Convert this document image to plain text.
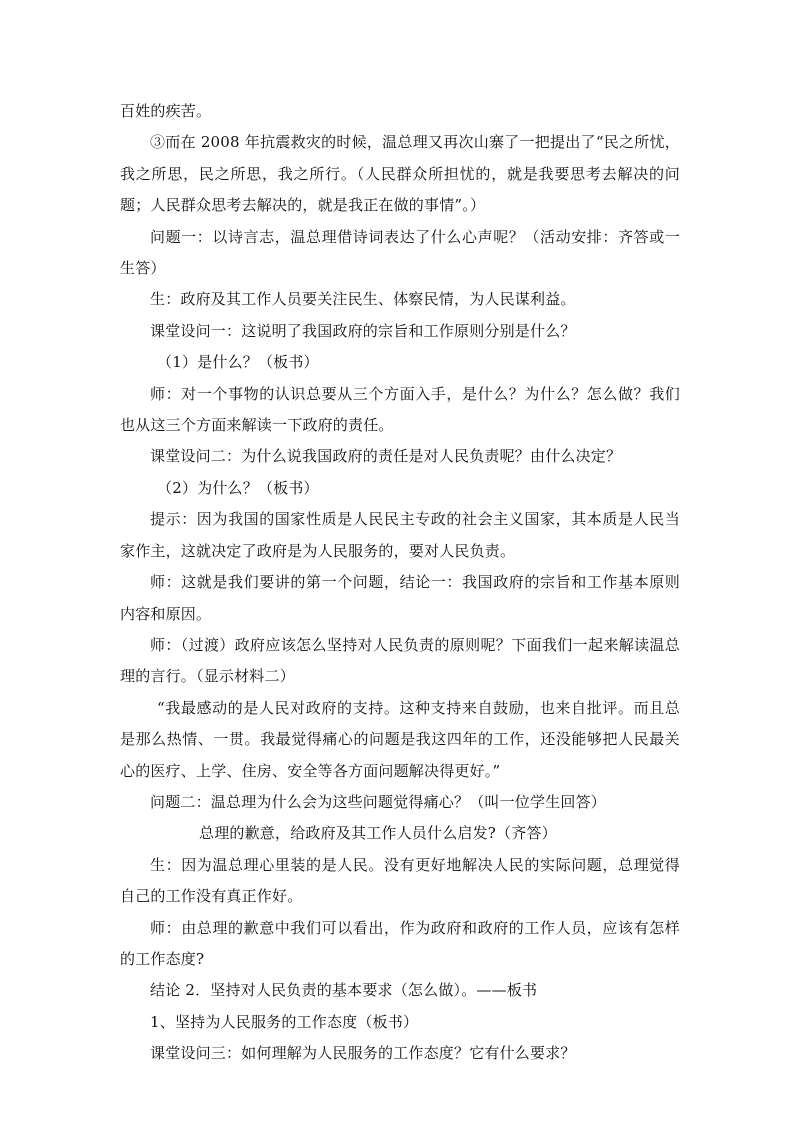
百姓的疾苦。

③而在 2008 年抗震救灾的时候，温总理又再次山寨了一把提出了“民之所忧，我之所思，民之所思，我之所行。（人民群众所担忧的，就是我要思考去解决的问题；人民群众思考去解决的，就是我正在做的事情”。）

问题一：以诗言志，温总理借诗词表达了什么心声呢？（活动安排：齐答或一生答）

生：政府及其工作人员要关注民生、体察民情，为人民谋利益。

课堂设问一：这说明了我国政府的宗旨和工作原则分别是什么？

（1）是什么？（板书）

师：对一个事物的认识总要从三个方面入手，是什么？为什么？怎么做？我们也从这三个方面来解读一下政府的责任。

课堂设问二：为什么说我国政府的责任是对人民负责呢？由什么决定？

（2）为什么？（板书）

提示：因为我国的国家性质是人民民主专政的社会主义国家，其本质是人民当家作主，这就决定了政府是为人民服务的，要对人民负责。

师：这就是我们要讲的第一个问题，结论一：我国政府的宗旨和工作基本原则内容和原因。

师：（过渡）政府应该怎么坚持对人民负责的原则呢？下面我们一起来解读温总理的言行。（显示材料二）

“我最感动的是人民对政府的支持。这种支持来自鼓励，也来自批评。而且总是那么热情、一贯。我最觉得痛心的问题是我这四年的工作，还没能够把人民最关心的医疗、上学、住房、安全等各方面问题解决得更好。”

问题二：温总理为什么会为这些问题觉得痛心？（叫一位学生回答）

总理的歉意，给政府及其工作人员什么启发?（齐答）

生：因为温总理心里装的是人民。没有更好地解决人民的实际问题，总理觉得自己的工作没有真正作好。

师：由总理的歉意中我们可以看出，作为政府和政府的工作人员，应该有怎样的工作态度?

结论 2．坚持对人民负责的基本要求（怎么做）。——板书

1、坚持为人民服务的工作态度（板书）

课堂设问三：如何理解为人民服务的工作态度？它有什么要求？
